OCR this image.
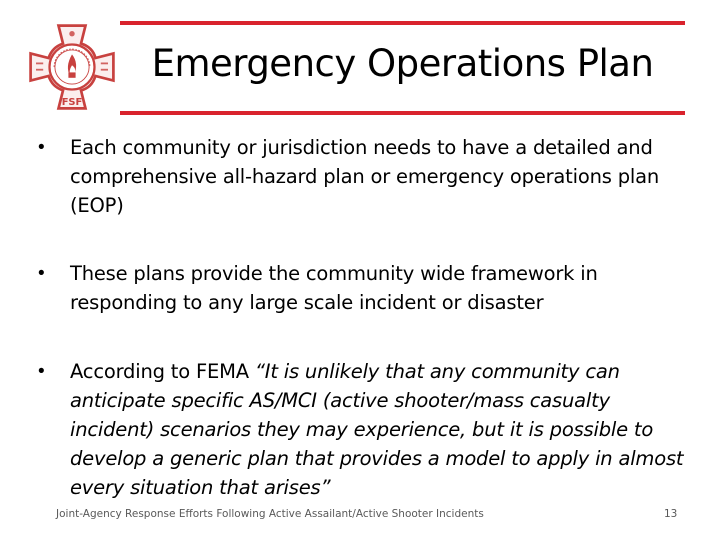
FSF
Emergency Operations Plan
• Each community or jurisdiction needs to have a detailed and comprehensive all-hazard plan or emergency operations plan (EOP)
• These plans provide the community wide framework in responding to any large scale incident or disaster
• According to FEMA “It is unlikely that any community can anticipate specific AS/MCI (active shooter/mass casualty incident) scenarios they may experience, but it is possible to develop a generic plan that provides a model to apply in almost every situation that arises”
Joint-Agency Response Efforts Following Active Assailant/Active Shooter Incidents	13
